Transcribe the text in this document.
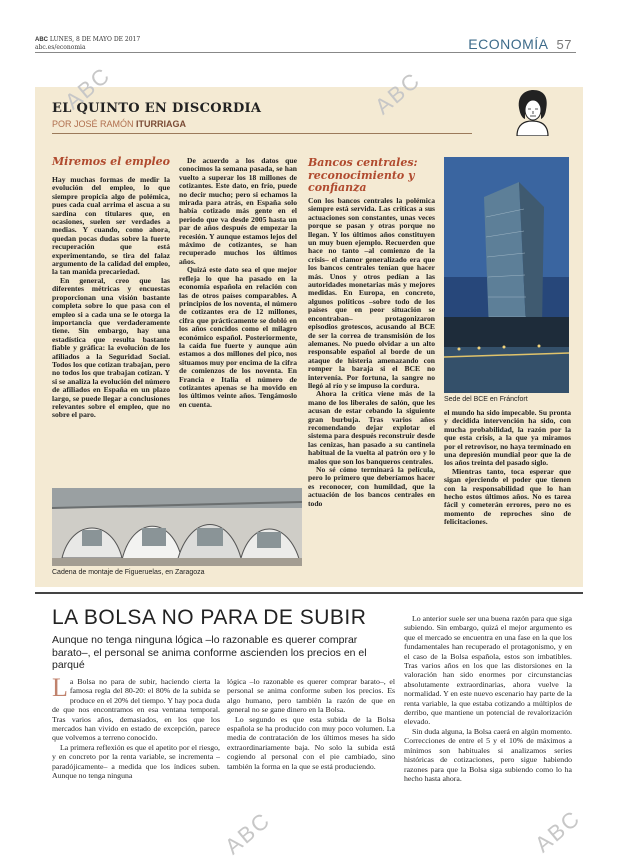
ABC LUNES, 8 DE MAYO DE 2017
abc.es/economia	ECONOMÍA 57
EL QUINTO EN DISCORDIA
POR JOSÉ RAMÓN ITURRIAGA
Miremos el empleo

Hay muchas formas de medir la evolución del empleo, lo que siempre propicia algo de polémica, pues cada cual arrima el ascua a su sardina con titulares que, en ocasiones, suelen ser verdades a medias. Y cuando, como ahora, quedan pocas dudas sobre la fuerte recuperación que está experimentando, se tira del falaz argumento de la calidad del empleo, la tan manida precariedad.

En general, creo que las diferentes métricas y encuestas proporcionan una visión bastante completa sobre lo que pasa con el empleo si a cada una se le otorga la importancia que verdaderamente tiene. Sin embargo, hay una estadística que resulta bastante fiable y gráfica: la evolución de los afiliados a la Seguridad Social. Todos los que cotizan trabajan, pero no todos los que trabajan cotizan. Y si se analiza la evolución del número de afiliados en España en un plazo largo, se puede llegar a conclusiones relevantes sobre el empleo, que no sobre el paro.

De acuerdo a los datos que conocimos la semana pasada, se han vuelto a superar los 18 millones de cotizantes. Este dato, en frío, puede no decir mucho; pero si echamos la mirada para atrás, en España solo había cotizado más gente en el periodo que va desde 2005 hasta un par de años después de empezar la recesión. Y aunque estamos lejos del máximo de cotizantes, se han recuperado muchos los últimos años.

Quizá este dato sea el que mejor refleja lo que ha pasado en la economía española en relación con las de otros países comparables. A principios de los noventa, el número de cotizantes era de 12 millones, cifra que prácticamente se dobló en los años concidos como el milagro económico español. Posteriormente, la caída fue fuerte y aunque aún estamos a dos millones del pico, nos situamos muy por encima de la cifra de comienzos de los noventa. En Francia e Italia el número de cotizantes apenas se ha movido en los últimos veinte años. Tengámoslo en cuenta.

Cadena de montaje de Figueruelas, en Zaragoza
Bancos centrales: reconocimiento y confianza

Con los bancos centrales la polémica siempre está servida. Las críticas a sus actuaciones son constantes, unas veces porque se pasan y otras porque no llegan. Y los últimos años constituyen un muy buen ejemplo. Recuerden que hace no tanto –al comienzo de la crisis– el clamor generalizado era que los bancos centrales tenían que hacer más. Unos y otros pedían a las autoridades monetarias más y mejores medidas. En Europa, en concreto, algunos políticos –sobre todo de los países que en peor situación se encontraban– protagonizaron episodios grotescos, acusando al BCE de ser la correa de transmisión de los alemanes. No puedo olvidar a un alto responsable español al borde de un ataque de histeria amenazando con romper la baraja si el BCE no intervenía. Por fortuna, la sangre no llegó al río y se impuso la cordura.

Ahora la crítica viene más de la mano de los liberales de salón, que les acusan de estar cebando la siguiente gran burbuja. Tras varios años recomendando dejar explotar el sistema para después reconstruir desde las cenizas, han pasado a su cantinela habitual de la vuelta al patrón oro y lo malos que son los banqueros centrales.

No sé cómo terminará la película, pero lo primero que deberíamos hacer es reconocer, con humildad, que la actuación de los bancos centrales en todo

Sede del BCE en Fráncfort

el mundo ha sido impecable. Su pronta y decidida intervención ha sido, con mucha probabilidad, la razón por la que esta crisis, a la que ya miramos por el retrovisor, no haya terminado en una depresión mundial peor que la de los años treinta del pasado siglo.

Mientras tanto, toca esperar que sigan ejerciendo el poder que tienen con la responsabilidad que lo han hecho estos últimos años. No es tarea fácil y cometerán errores, pero no es momento de reproches sino de felicitaciones.

LA BOLSA NO PARA DE SUBIR
Aunque no tenga ninguna lógica –lo razonable es querer comprar barato–, el personal se anima conforme ascienden los precios en el parqué

La Bolsa no para de subir, haciendo cierta la famosa regla del 80-20: el 80% de la subida se produce en el 20% del tiempo. Y hay poca duda de que nos encontramos en esa ventana temporal. Tras varios años, demasiados, en los que los mercados han vivido en estado de excepción, parece que volvemos a terreno conocido.

La primera reflexión es que el apetito por el riesgo, y en concreto por la renta variable, se incrementa –paradójicamente– a medida que los índices suben. Aunque no tenga ninguna

lógica –lo razonable es querer comprar barato–, el personal se anima conforme suben los precios. Es algo humano, pero también la razón de que en general no se gane dinero en la Bolsa.

Lo segundo es que esta subida de la Bolsa española se ha producido con muy poco volumen. La media de contratación de los últimos meses ha sido extraordinariamente baja. No solo la subida está cogiendo al personal con el pie cambiado, sino también la forma en la que se está produciendo.

Lo anterior suele ser una buena razón para que siga subiendo. Sin embargo, quizá el mejor argumento es que el mercado se encuentra en una fase en la que los fundamentales han recuperado el protagonismo, y en el caso de la Bolsa española, estos son imbatibles. Tras varios años en los que las distorsiones en la valoración han sido enormes por circunstancias absolutamente extraordinarias, ahora vuelve la normalidad. Y en este nuevo escenario hay parte de la renta variable, la que estaba cotizando a múltiplos de derribo, que mantiene un potencial de revalorización elevado.

Sin duda alguna, la Bolsa caerá en algún momento. Correcciones de entre el 5 y el 10% de máximos a mínimos son habituales si analizamos series históricas de cotizaciones, pero sigue habiendo razones para que la Bolsa siga subiendo como lo ha hecho hasta ahora.

ABC	ABC
ABC	ABC
